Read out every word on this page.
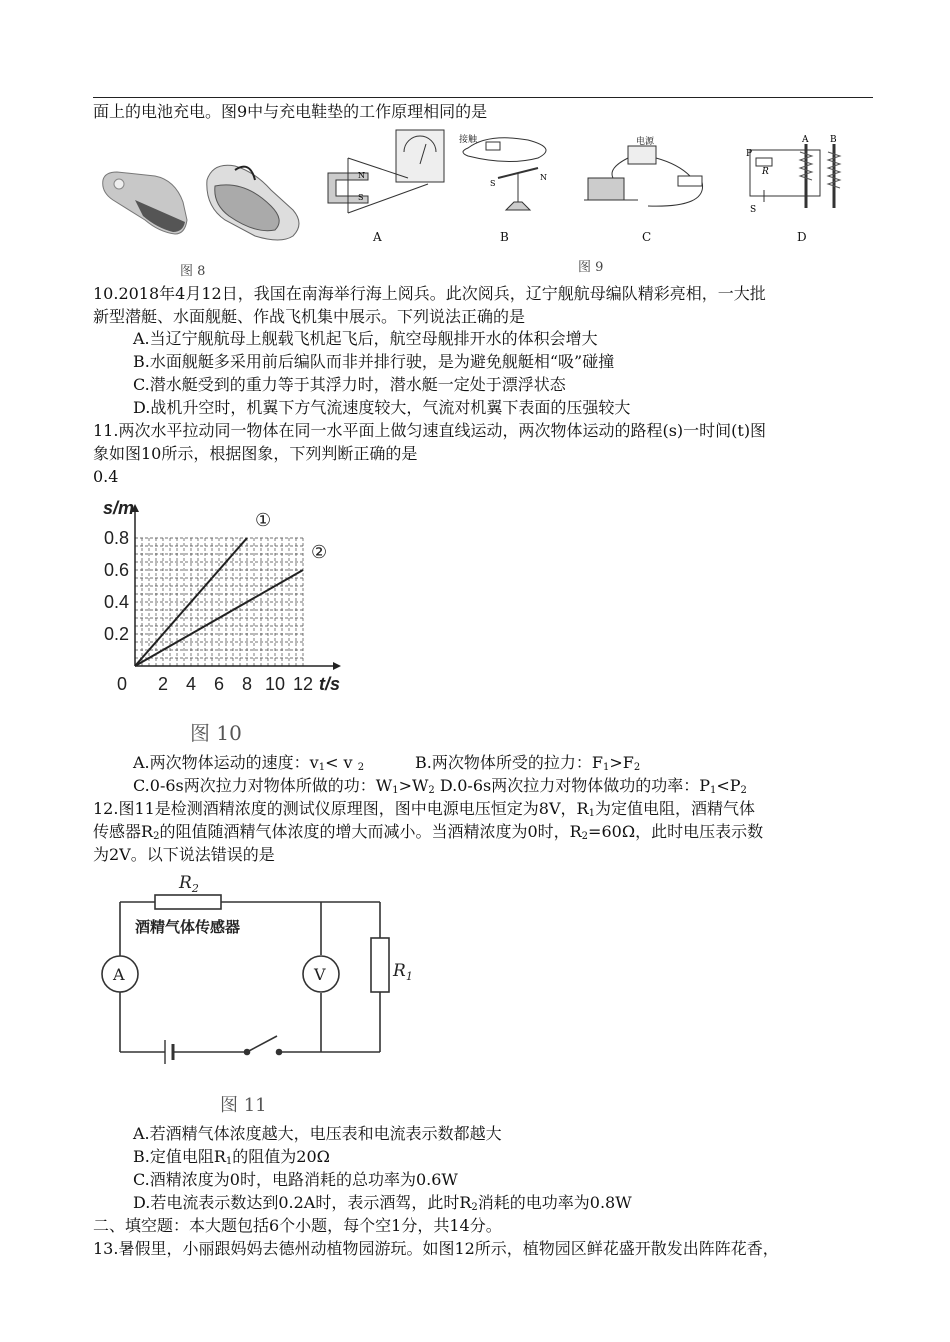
面上的电池充电。图9中与充电鞋垫的工作原理相同的是
图 8
N
S
S
N
P
R
A B
S
接触	电源
A	B	C	D
图 9
10.2018年4月12日，我国在南海举行海上阅兵。此次阅兵，辽宁舰航母编队精彩亮相，一大批
新型潜艇、水面舰艇、作战飞机集中展示。下列说法正确的是
A.当辽宁舰航母上舰载飞机起飞后，航空母舰排开水的体积会增大
B.水面舰艇多采用前后编队而非并排行驶，是为避免舰艇相“吸”碰撞
C.潜水艇受到的重力等于其浮力时，潜水艇一定处于漂浮状态
D.战机升空时，机翼下方气流速度较大，气流对机翼下表面的压强较大
11.两次水平拉动同一物体在同一水平面上做匀速直线运动，两次物体运动的路程(s)一时间(t)图
象如图10所示，根据图象，下列判断正确的是
0.4
0 2 4 6 8 10 12
0.2
0.4
0.6
0.8
t/s
s/m
①
②
图 10
A.两次物体运动的速度：$v_1< v$ $_2$	B.两次物体所受的拉力：$F_1>F_2$
C.0-6s两次拉力对物体所做的功：$W_1>W_2$ D.0-6s两次拉力对物体做功的功率：$P_1<P_2$
12.图11是检测酒精浓度的测试仪原理图，图中电源电压恒定为8V，$R_1$为定值电阻，酒精气体
传感器$R_2$的阻值随酒精气体浓度的增大而减小。当酒精浓度为0时，$R_2=60\Omega$，此时电压表示数
为2V。以下说法错误的是
$R_2$
酒精气体传感器
A	V	$R_1$
图 11
A.若酒精气体浓度越大，电压表和电流表示数都越大
B.定值电阻$R_1$的阻值为20Ω
C.酒精浓度为0时，电路消耗的总功率为0.6W
D.若电流表示数达到0.2A时，表示酒驾，此时$R_2$消耗的电功率为0.8W
二、填空题：本大题包括6个小题，每个空1分，共14分。
13.暑假里，小丽跟妈妈去德州动植物园游玩。如图12所示，植物园区鲜花盛开散发出阵阵花香，
